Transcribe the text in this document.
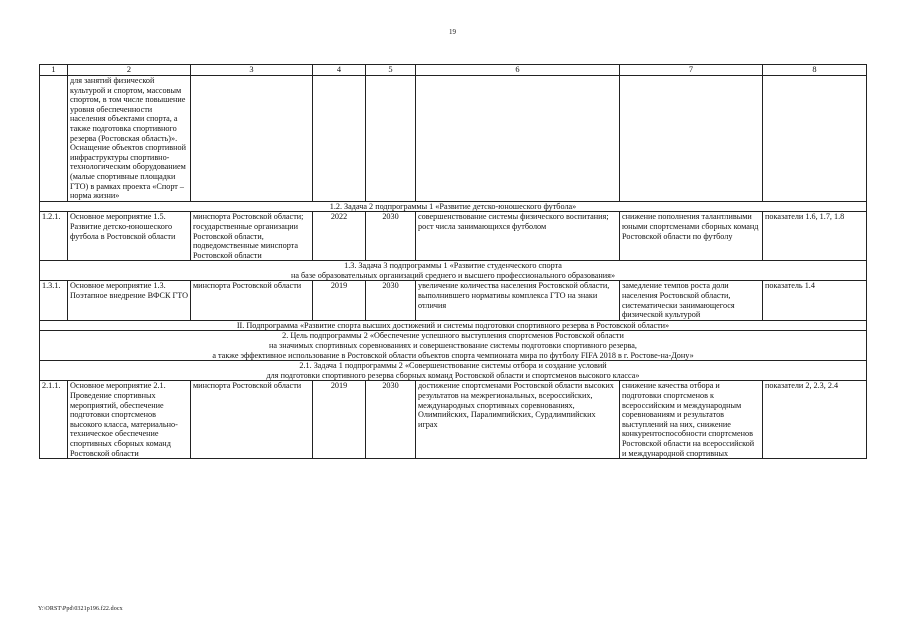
19
1	2	3	4	5	6	7	8
	для занятий физической культурой и спортом, массовым спортом, в том числе повышение уровня обеспеченности населения объектами спорта, а также подготовка спортивного резерва (Ростовская область)». Оснащение объектов спортивной инфраструктуры спортивно-технологическим оборудованием (малые спортивные площадки ГТО) в рамках проекта «Спорт – норма жизни»						
1.2. Задача 2 подпрограммы 1 «Развитие детско-юношеского футбола»							
1.2.1.	Основное мероприятие 1.5. Развитие детско-юношеского футбола в Ростовской области	минспорта Ростовской области; государственные организации Ростовской области, подведомственные минспорта Ростовской области	2022	2030	совершенствование системы физического воспитания; рост числа занимающихся футболом	снижение пополнения талантливыми юными спортсменами сборных команд Ростовской области по футболу	показатели 1.6, 1.7, 1.8

1.3. Задача 3 подпрограммы 1 «Развитие студенческого спорта
на базе образовательных организаций среднего и высшего профессионального образования»							

1.3.1.	Основное мероприятие 1.3. Поэтапное внедрение ВФСК ГТО	минспорта Ростовской области	2019	2030	увеличение количества населения Ростовской области, выполнившего нормативы комплекса ГТО на знаки отличия	замедление темпов роста доли населения Ростовской области, систематически занимающегося физической культурой	показатель 1.4
II. Подпрограмма «Развитие спорта высших достижений и системы подготовки спортивного резерва в Ростовской области»							

2. Цель подпрограммы 2 «Обеспечение успешного выступления спортсменов Ростовской области
на значимых спортивных соревнованиях и совершенствование системы подготовки спортивного резерва,
а также эффективное использование в Ростовской области объектов спорта чемпионата мира по футболу FIFA 2018 в г. Ростове-на-Дону»							

2.1. Задача 1 подпрограммы 2 «Совершенствование системы отбора и создание условий
для подготовки спортивного резерва сборных команд Ростовской области и спортсменов высокого класса»							

2.1.1.	Основное мероприятие 2.1. Проведение спортивных мероприятий, обеспечение подготовки спортсменов высокого класса, материально-техническое обеспечение спортивных сборных команд Ростовской области	минспорта Ростовской области	2019	2030	достижение спортсменами Ростовской области высоких результатов на межрегиональных, всероссийских, международных спортивных соревнованиях, Олимпийских, Паралимпийских, Сурдлимпийских играх	снижение качества отбора и подготовки спортсменов к всероссийским и международным соревнованиям и результатов выступлений на них, снижение конкурентоспособности спортсменов Ростовской области на всероссийской и международной спортивных	показатели 2, 2.3, 2.4
Y:\ORST\Ppd\0321p196.f22.docx
